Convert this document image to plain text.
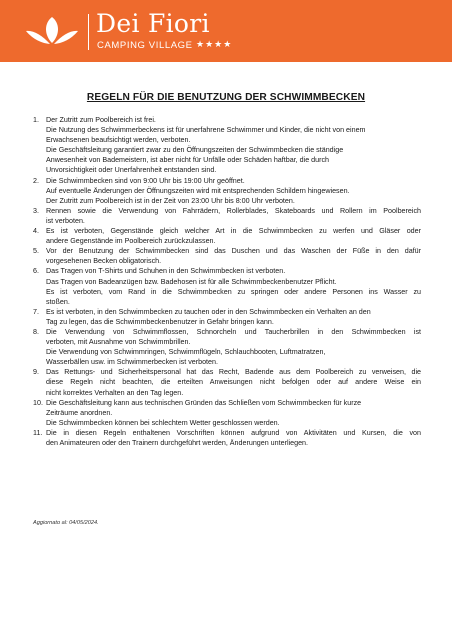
Dei Fiori
CAMPING VILLAGE ★★★★
REGELN FÜR DIE BENUTZUNG DER SCHWIMMBECKEN
1. Der Zutritt zum Poolbereich ist frei.
Die Nutzung des Schwimmerbeckens ist für unerfahrene Schwimmer und Kinder, die nicht von einem
Erwachsenen beaufsichtigt werden, verboten.
Die Geschäftsleitung garantiert zwar zu den Öffnungszeiten der Schwimmbecken die ständige
Anwesenheit von Bademeistern, ist aber nicht für Unfälle oder Schäden haftbar, die durch
Unvorsichtigkeit oder Unerfahrenheit entstanden sind.
2. Die Schwimmbecken sind von 9:00 Uhr bis 19:00 Uhr geöffnet.
Auf eventuelle Änderungen der Öffnungszeiten wird mit entsprechenden Schildern hingewiesen.
Der Zutritt zum Poolbereich ist in der Zeit von 23:00 Uhr bis 8:00 Uhr verboten.
3. Rennen sowie die Verwendung von Fahrrädern, Rollerblades, Skateboards und Rollern im Poolbereich
ist verboten.
4. Es ist verboten, Gegenstände gleich welcher Art in die Schwimmbecken zu werfen und Gläser oder
andere Gegenstände im Poolbereich zurückzulassen.
5. Vor der Benutzung der Schwimmbecken sind das Duschen und das Waschen der Füße in den dafür
vorgesehenen Becken obligatorisch.
6. Das Tragen von T-Shirts und Schuhen in den Schwimmbecken ist verboten.
Das Tragen von Badeanzügen bzw. Badehosen ist für alle Schwimmbeckenbenutzer Pflicht.
Es ist verboten, vom Rand in die Schwimmbecken zu springen oder andere Personen ins Wasser zu
stoßen.
7. Es ist verboten, in den Schwimmbecken zu tauchen oder in den Schwimmbecken ein Verhalten an den
Tag zu legen, das die Schwimmbeckenbenutzer in Gefahr bringen kann.
8. Die Verwendung von Schwimmflossen, Schnorcheln und Taucherbrillen in den Schwimmbecken ist
verboten, mit Ausnahme von Schwimmbrillen.
Die Verwendung von Schwimmringen, Schwimmflügeln, Schlauchbooten, Luftmatratzen,
Wasserbällen usw. im Schwimmerbecken ist verboten.
9. Das Rettungs- und Sicherheitspersonal hat das Recht, Badende aus dem Poolbereich zu verweisen, die
diese Regeln nicht beachten, die erteilten Anweisungen nicht befolgen oder auf andere Weise ein
nicht korrektes Verhalten an den Tag legen.
10. Die Geschäftsleitung kann aus technischen Gründen das Schließen vom Schwimmbecken für kurze
Zeiträume anordnen.
Die Schwimmbecken können bei schlechtem Wetter geschlossen werden.
11. Die in diesen Regeln enthaltenen Vorschriften können aufgrund von Aktivitäten und Kursen, die von
den Animateuren oder den Trainern durchgeführt werden, Änderungen unterliegen.
Aggiornato al: 04/05/2024.
